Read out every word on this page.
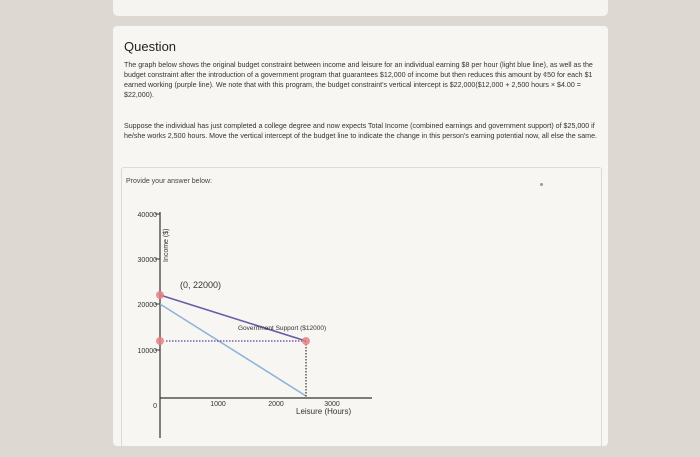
Question
The graph below shows the original budget constraint between income and leisure for an individual earning $8 per hour (light blue line), as well as the budget constraint after the introduction of a government program that guarantees $12,000 of income but then reduces this amount by ¢50 for each $1 earned working (purple line). We note that with this program, the budget constraint's vertical intercept is $22,000($12,000 + 2,500 hours × $4.00 = $22,000).
Suppose the individual has just completed a college degree and now expects Total Income (combined earnings and government support) of $25,000 if he/she works 2,500 hours. Move the vertical intercept of the budget line to indicate the change in this person's earning potential now, all else the same.
Provide your answer below:
40000
30000
20000
10000
0	1000	2000	3000
Income ($)
Leisure (Hours)
(0, 22000)
Government Support ($12000)
